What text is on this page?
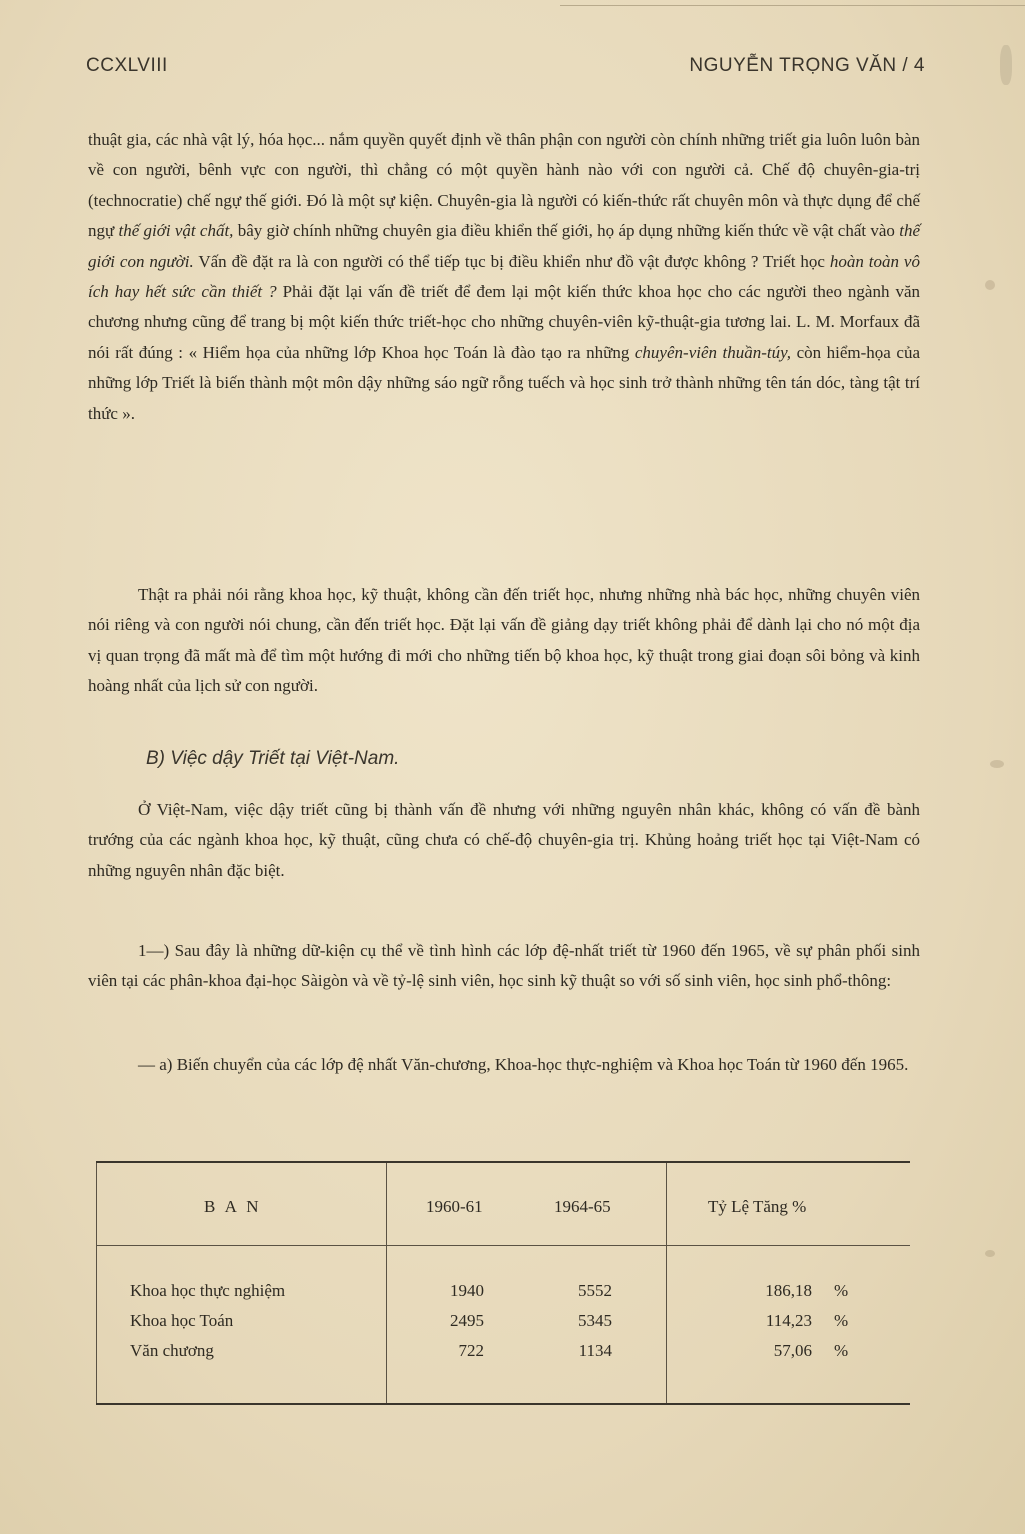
CCXLVIII	NGUYỄN TRỌNG VĂN / 4
thuật gia, các nhà vật lý, hóa học... nắm quyền quyết định về thân phận con người còn chính những triết gia luôn luôn bàn về con người, bênh vực con người, thì chẳng có một quyền hành nào với con người cả. Chế độ chuyên-gia-trị (technocratie) chế ngự thế giới. Đó là một sự kiện. Chuyên-gia là người có kiến-thức rất chuyên môn và thực dụng để chế ngự thế giới vật chất, bây giờ chính những chuyên gia điều khiển thế giới, họ áp dụng những kiến thức về vật chất vào thế giới con người. Vấn đề đặt ra là con người có thể tiếp tục bị điều khiển như đồ vật được không ? Triết học hoàn toàn vô ích hay hết sức cần thiết ? Phải đặt lại vấn đề triết để đem lại một kiến thức khoa học cho các người theo ngành văn chương nhưng cũng để trang bị một kiến thức triết-học cho những chuyên-viên kỹ-thuật-gia tương lai. L. M. Morfaux đã nói rất đúng : « Hiểm họa của những lớp Khoa học Toán là đào tạo ra những chuyên-viên thuần-túy, còn hiểm-họa của những lớp Triết là biến thành một môn dậy những sáo ngữ rỗng tuếch và học sinh trở thành những tên tán dóc, tàng tật trí thức ».
Thật ra phải nói rằng khoa học, kỹ thuật, không cần đến triết học, nhưng những nhà bác học, những chuyên viên nói riêng và con người nói chung, cần đến triết học. Đặt lại vấn đề giảng dạy triết không phải để dành lại cho nó một địa vị quan trọng đã mất mà để tìm một hướng đi mới cho những tiến bộ khoa học, kỹ thuật trong giai đoạn sôi bỏng và kinh hoàng nhất của lịch sử con người.
B) Việc dậy Triết tại Việt-Nam.
Ở Việt-Nam, việc dậy triết cũng bị thành vấn đề nhưng với những nguyên nhân khác, không có vấn đề bành trướng của các ngành khoa học, kỹ thuật, cũng chưa có chế-độ chuyên-gia trị. Khủng hoảng triết học tại Việt-Nam có những nguyên nhân đặc biệt.
1—) Sau đây là những dữ-kiện cụ thể về tình hình các lớp đệ-nhất triết từ 1960 đến 1965, về sự phân phối sinh viên tại các phân-khoa đại-học Sàigòn và về tỷ-lệ sinh viên, học sinh kỹ thuật so với số sinh viên, học sinh phổ-thông:
— a) Biến chuyển của các lớp đệ nhất Văn-chương, Khoa-học thực-nghiệm và Khoa học Toán từ 1960 đến 1965.
B A N	1960-61	1964-65	Tỷ Lệ Tăng %
Khoa học thực nghiệm	1940	5552	186,18 %
Khoa học Toán	2495	5345	114,23 %
Văn chương	722	1134	57,06 %
